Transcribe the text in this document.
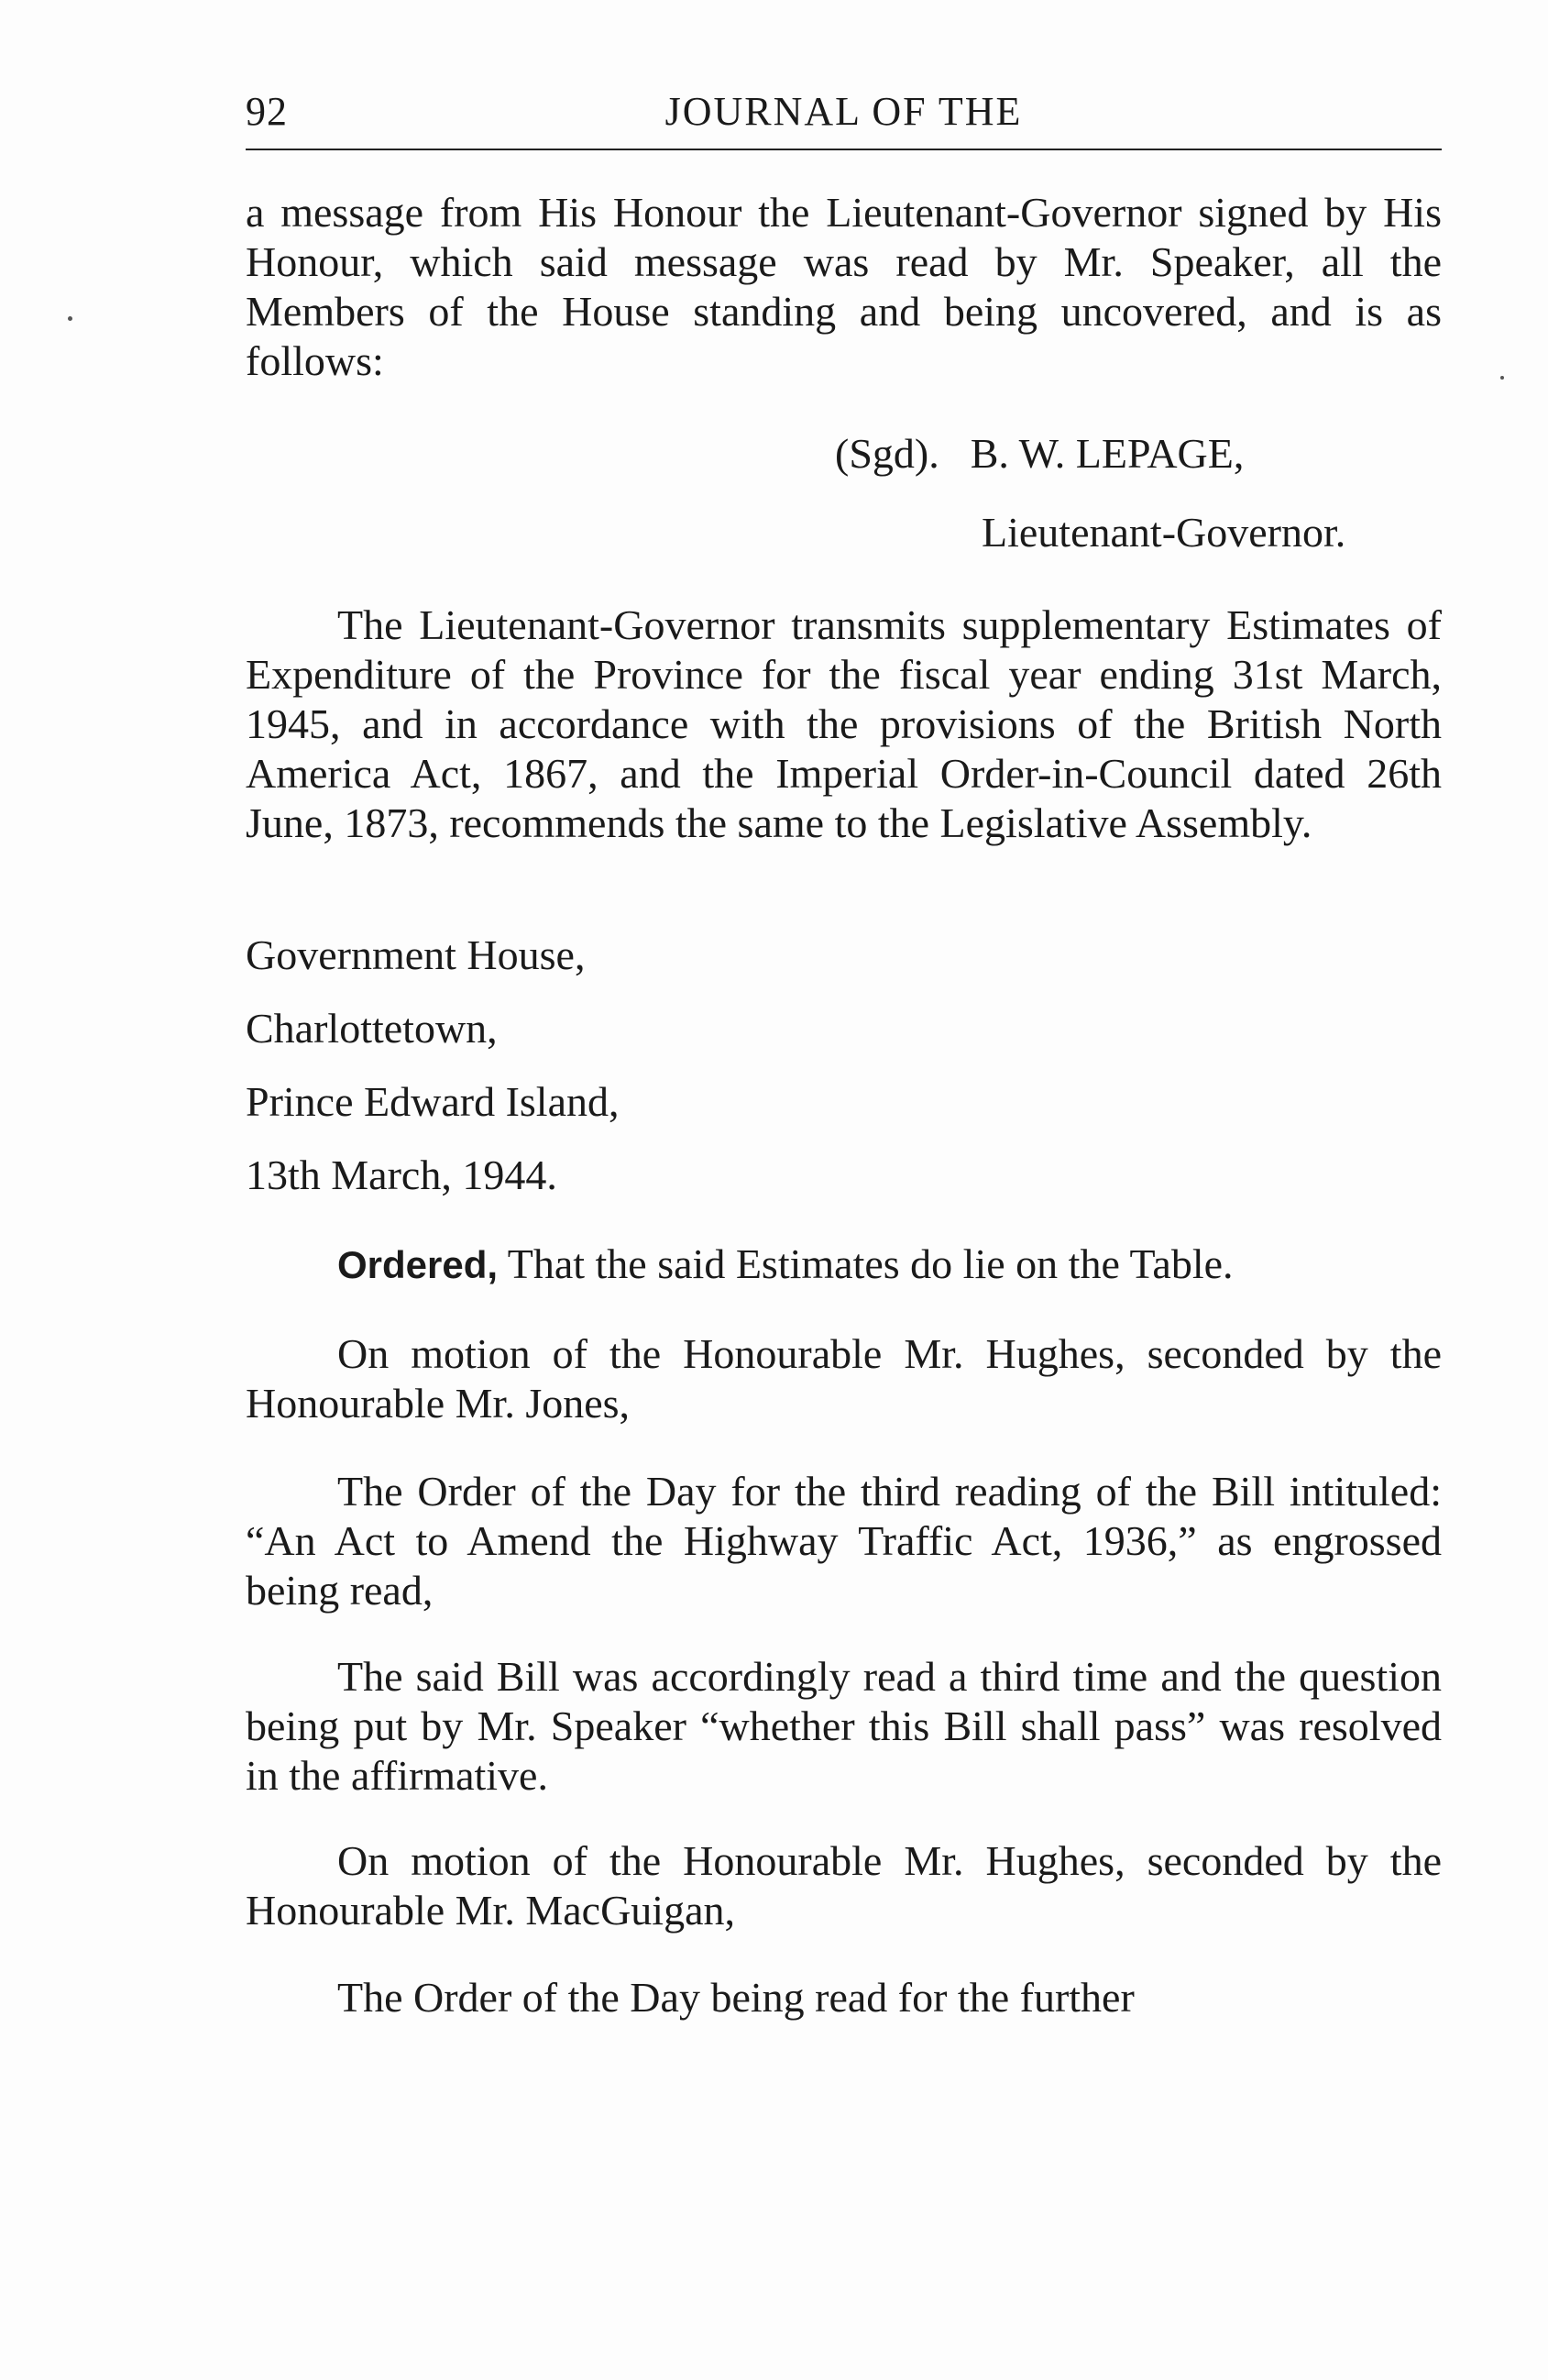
92	JOURNAL OF THE

a message from His Honour the Lieutenant-Governor signed by His Honour, which said message was read by Mr. Speaker, all the Members of the House standing and being uncovered, and is as follows:

(Sgd). B. W. LEPAGE,
Lieutenant-Governor.

The Lieutenant-Governor transmits supplementary Estimates of Expenditure of the Province for the fiscal year ending 31st March, 1945, and in accordance with the provisions of the British North America Act, 1867, and the Imperial Order-in-Council dated 26th June, 1873, recommends the same to the Legislative Assembly.

Government House,
Charlottetown,
Prince Edward Island,
13th March, 1944.

Ordered, That the said Estimates do lie on the Table.

On motion of the Honourable Mr. Hughes, seconded by the Honourable Mr. Jones,

The Order of the Day for the third reading of the Bill intituled: “An Act to Amend the Highway Traffic Act, 1936,” as engrossed being read,

The said Bill was accordingly read a third time and the question being put by Mr. Speaker “whether this Bill shall pass” was resolved in the affirmative.

On motion of the Honourable Mr. Hughes, seconded by the Honourable Mr. MacGuigan,

The Order of the Day being read for the further
